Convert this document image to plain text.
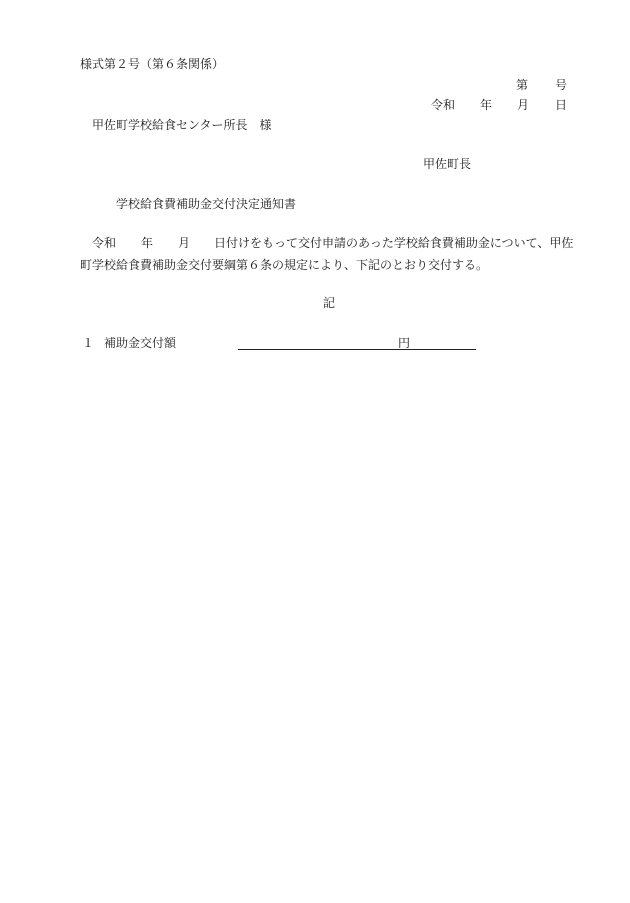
様式第２号（第６条関係）
第 号
令和 年 月 日
甲佐町学校給食センター所長　様
甲佐町長
学校給食費補助金交付決定通知書
令和 年 月 日付けをもって交付申請のあった学校給食費補助金について、甲佐
町学校給食費補助金交付要綱第６条の規定により、下記のとおり交付する。
記
１ 補助金交付額	円
